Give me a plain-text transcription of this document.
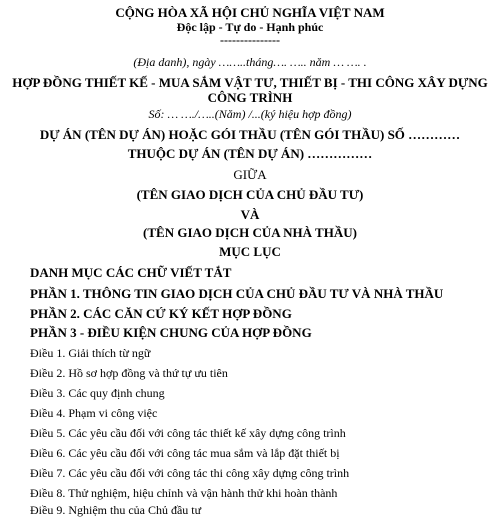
CỘNG HÒA XÃ HỘI CHỦ NGHĨA VIỆT NAM
Độc lập - Tự do - Hạnh phúc
---------------
(Địa danh), ngày ……..tháng…. ….. năm … …. .
HỢP ĐỒNG THIẾT KẾ - MUA SẮM VẬT TƯ, THIẾT BỊ - THI CÔNG XÂY DỰNG
CÔNG TRÌNH
Số: … …./…..(Năm) /...(ký hiệu hợp đồng)
DỰ ÁN (TÊN DỰ ÁN) HOẶC GÓI THẦU (TÊN GÓI THẦU) SỐ …………
THUỘC DỰ ÁN (TÊN DỰ ÁN) ……………
GIỮA
(TÊN GIAO DỊCH CỦA CHỦ ĐẦU TƯ)
VÀ
(TÊN GIAO DỊCH CỦA NHÀ THẦU)
MỤC LỤC
DANH MỤC CÁC CHỮ VIẾT TẮT
PHẦN 1. THÔNG TIN GIAO DỊCH CỦA CHỦ ĐẦU TƯ VÀ NHÀ THẦU
PHẦN 2. CÁC CĂN CỨ KÝ KẾT HỢP ĐỒNG
PHẦN 3 - ĐIỀU KIỆN CHUNG CỦA HỢP ĐỒNG
Điều 1. Giải thích từ ngữ
Điều 2. Hồ sơ hợp đồng và thứ tự ưu tiên
Điều 3. Các quy định chung
Điều 4. Phạm vi công việc
Điều 5. Các yêu cầu đối với công tác thiết kế xây dựng công trình
Điều 6. Các yêu cầu đối với công tác mua sắm và lắp đặt thiết bị
Điều 7. Các yêu cầu đối với công tác thi công xây dựng công trình
Điều 8. Thử nghiệm, hiệu chỉnh và vận hành thử khi hoàn thành
Điều 9. Nghiệm thu của Chủ đầu tư
